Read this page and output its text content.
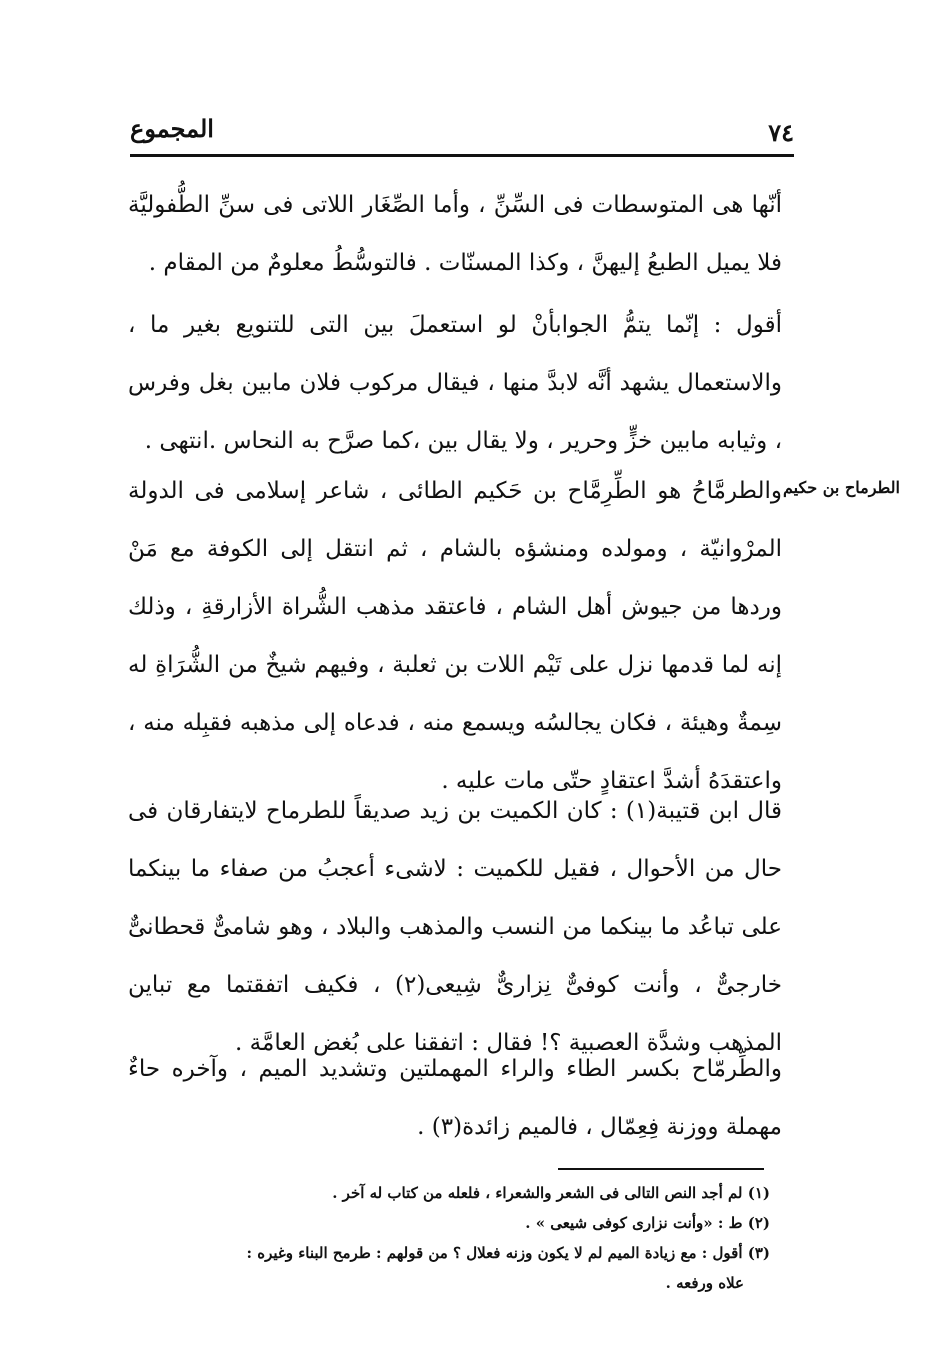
المجموع	٧٤

أنّها هى المتوسطات فى السِّنِّ ، وأما الصِّغَار اللاتى فى سنِّ الطُّفوليَّة فلا يميل الطبعُ إليهنَّ ، وكذا المسنّات . فالتوسُّطُ معلومٌ من المقام .

أقول : إنّما يتمُّ الجوابأنْ لو استعملَ بين التى للتنويع بغير ما ، والاستعمال يشهد أنَّه لابدَّ منها ، فيقال مركوب فلان مابين بغل وفرس ، وثيابه مابين خزٍّ وحرير ، ولا يقال بين ،كما صرَّح به النحاس .انتهى .

الطرماح بن حكيم

والطرمَّاحُ هو الطِّرِمَّاح بن حَكيم الطائى ، شاعر إسلامى فى الدولة المرْوانيّة ، ومولده ومنشؤه بالشام ، ثم انتقل إلى الكوفة مع مَنْ وردها من جيوش أهل الشام ، فاعتقد مذهب الشُّراة الأزارقةِ ، وذلك إنه لما قدمها نزل على تَيْم اللات بن ثعلبة ، وفيهم شيخٌ من الشُّرَاةِ له سِمةٌ وهيئة ، فكان يجالسُه ويسمع منه ، فدعاه إلى مذهبه فقبِله منه ، واعتقدَهُ أشدَّ اعتقادٍ حتّى مات عليه .

قال ابن قتيبة(١) : كان الكميت بن زيد صديقاً للطرماح لايتفارقان فى حال من الأحوال ، فقيل للكميت : لاشىء أعجبُ من صفاء ما بينكما على تباعُد ما بينكما من النسب والمذهب والبلاد ، وهو شامىٌّ قحطانىٌّ خارجىٌّ ، وأنت كوفىٌّ نِزارىٌّ شِيعى(٢) ، فكيف اتفقتما مع تباين المذهب وشدَّة العصبية ؟! فقال : اتفقنا على بُغض العامَّة .

والطِّرمّاح بكسر الطاء والراء المهملتين وتشديد الميم ، وآخره حاءٌ مهملة ووزنة فِعِمّال ، فالميم زائدة(٣) .

(١) لم أجد النص التالى فى الشعر والشعراء ، فلعله من كتاب له آخر .

(٢) ط : «وأنت نزارى كوفى شيعى » .

(٣) أقول : مع زيادة الميم لم لا يكون وزنه فعلال ؟ من قولهم : طرمح البناء وغيره :

علاه ورفعه .
